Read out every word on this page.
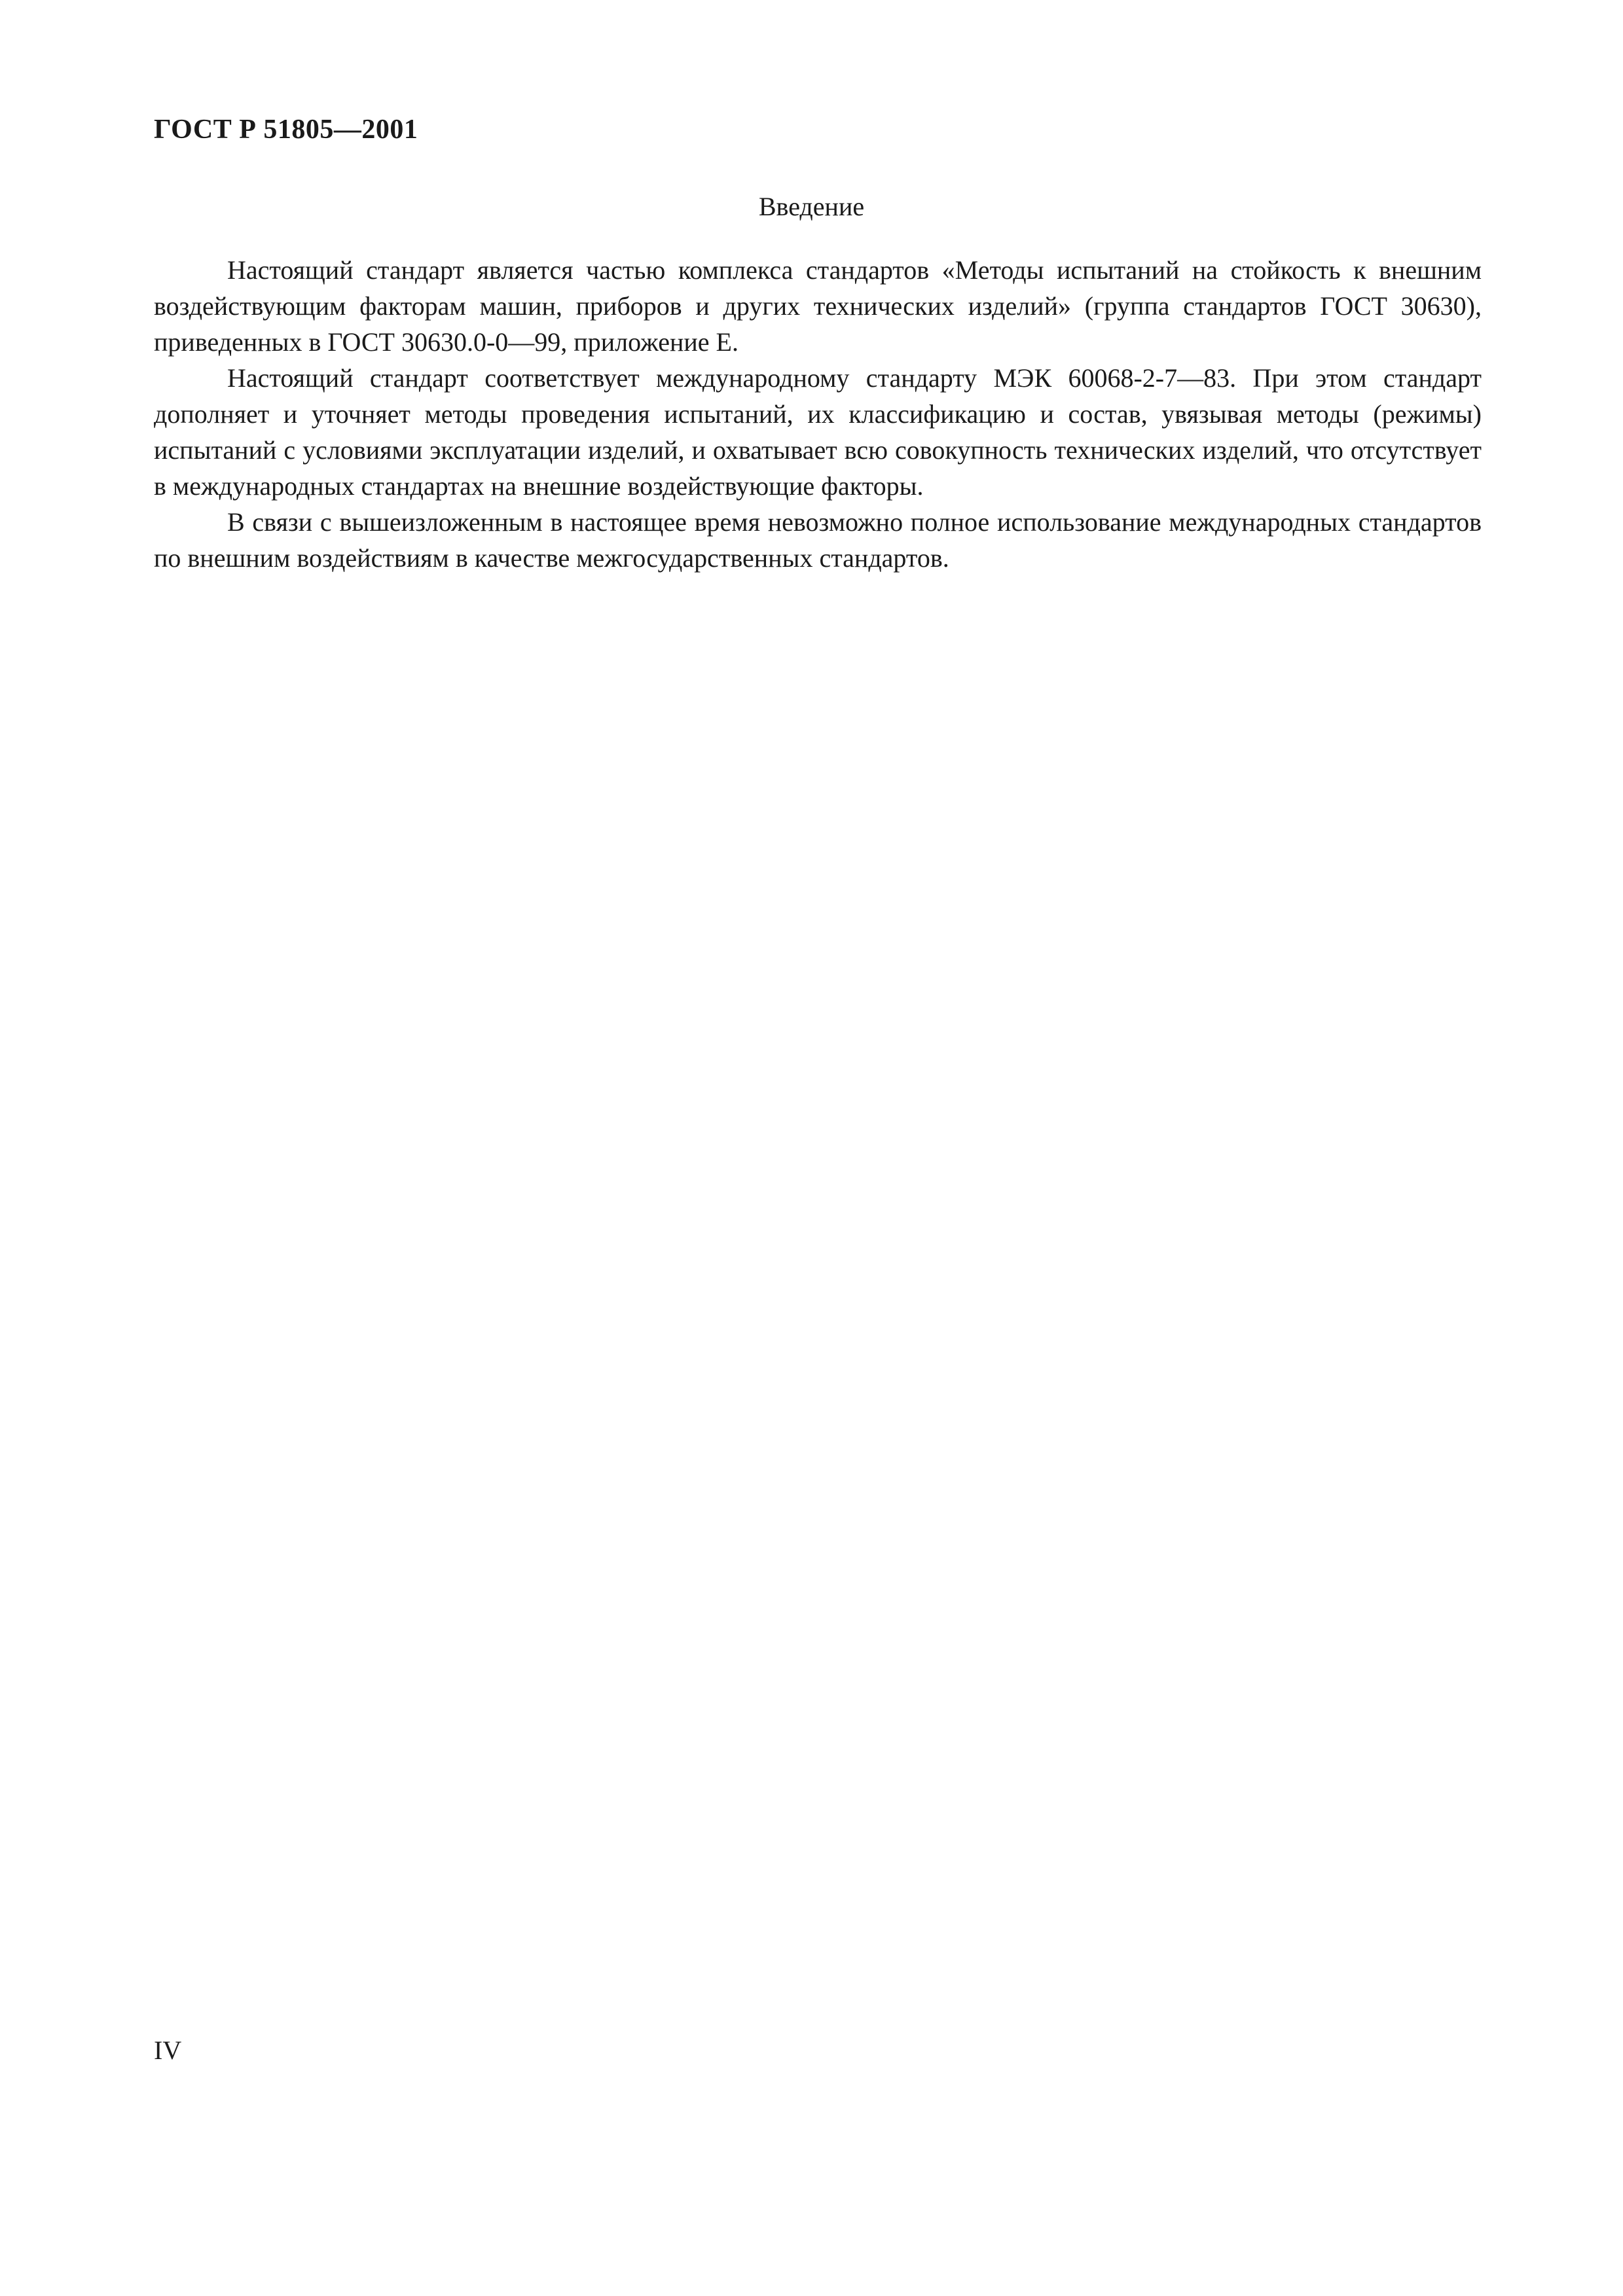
ГОСТ Р 51805—2001
Введение

Настоящий стандарт является частью комплекса стандартов «Методы испытаний на стойкость к внешним воздействующим факторам машин, приборов и других технических изделий» (группа стандартов ГОСТ 30630), приведенных в ГОСТ 30630.0-0—99, приложение Е.

Настоящий стандарт соответствует международному стандарту МЭК 60068-2-7—83. При этом стандарт дополняет и уточняет методы проведения испытаний, их классификацию и состав, увязывая методы (режимы) испытаний с условиями эксплуатации изделий, и охватывает всю совокупность технических изделий, что отсутствует в международных стандартах на внешние воздействующие факторы.

В связи с вышеизложенным в настоящее время невозможно полное использование международных стандартов по внешним воздействиям в качестве межгосударственных стандартов.

IV
